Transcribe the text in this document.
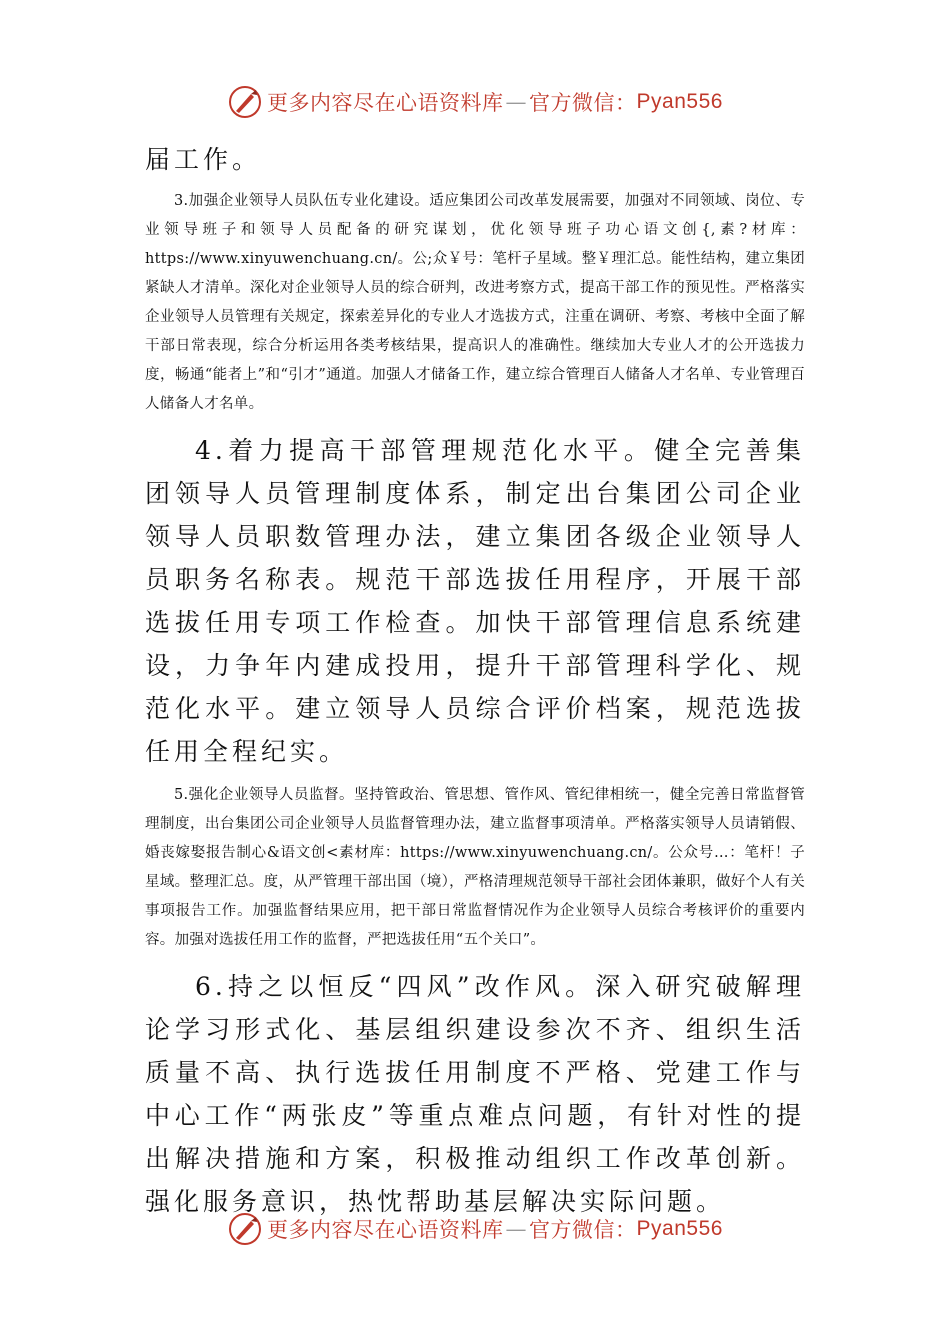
更多内容尽在心语资料库 — 官方微信： Pyan556

届工作。

3.加强企业领导人员队伍专业化建设。适应集团公司改革发展需要，加强对不同领域、岗位、专业领导班子和领导人员配备的研究谋划，优化领导班子功心语文创{,素?材库：https://www.xinyuwenchuang.cn/。公;众￥号：笔杆子星域。整￥理汇总。能性结构，建立集团紧缺人才清单。深化对企业领导人员的综合研判，改进考察方式，提高干部工作的预见性。严格落实企业领导人员管理有关规定，探索差异化的专业人才选拔方式，注重在调研、考察、考核中全面了解干部日常表现，综合分析运用各类考核结果，提高识人的准确性。继续加大专业人才的公开选拔力度，畅通“能者上”和“引才”通道。加强人才储备工作，建立综合管理百人储备人才名单、专业管理百人储备人才名单。

4.着力提高干部管理规范化水平。健全完善集团领导人员管理制度体系，制定出台集团公司企业领导人员职数管理办法，建立集团各级企业领导人员职务名称表。规范干部选拔任用程序，开展干部选拔任用专项工作检查。加快干部管理信息系统建设，力争年内建成投用，提升干部管理科学化、规范化水平。建立领导人员综合评价档案，规范选拔任用全程纪实。

5.强化企业领导人员监督。坚持管政治、管思想、管作风、管纪律相统一，健全完善日常监督管理制度，出台集团公司企业领导人员监督管理办法，建立监督事项清单。严格落实领导人员请销假、婚丧嫁娶报告制心&语文创<素材库：https://www.xinyuwenchuang.cn/。公众号…：笔杆！子星域。整理汇总。度，从严管理干部出国（境），严格清理规范领导干部社会团体兼职，做好个人有关事项报告工作。加强监督结果应用，把干部日常监督情况作为企业领导人员综合考核评价的重要内容。加强对选拔任用工作的监督，严把选拔任用“五个关口”。

6.持之以恒反“四风”改作风。深入研究破解理论学习形式化、基层组织建设参次不齐、组织生活质量不高、执行选拔任用制度不严格、党建工作与中心工作“两张皮”等重点难点问题，有针对性的提出解决措施和方案，积极推动组织工作改革创新。强化服务意识，热忱帮助基层解决实际问题。

更多内容尽在心语资料库 — 官方微信： Pyan556
